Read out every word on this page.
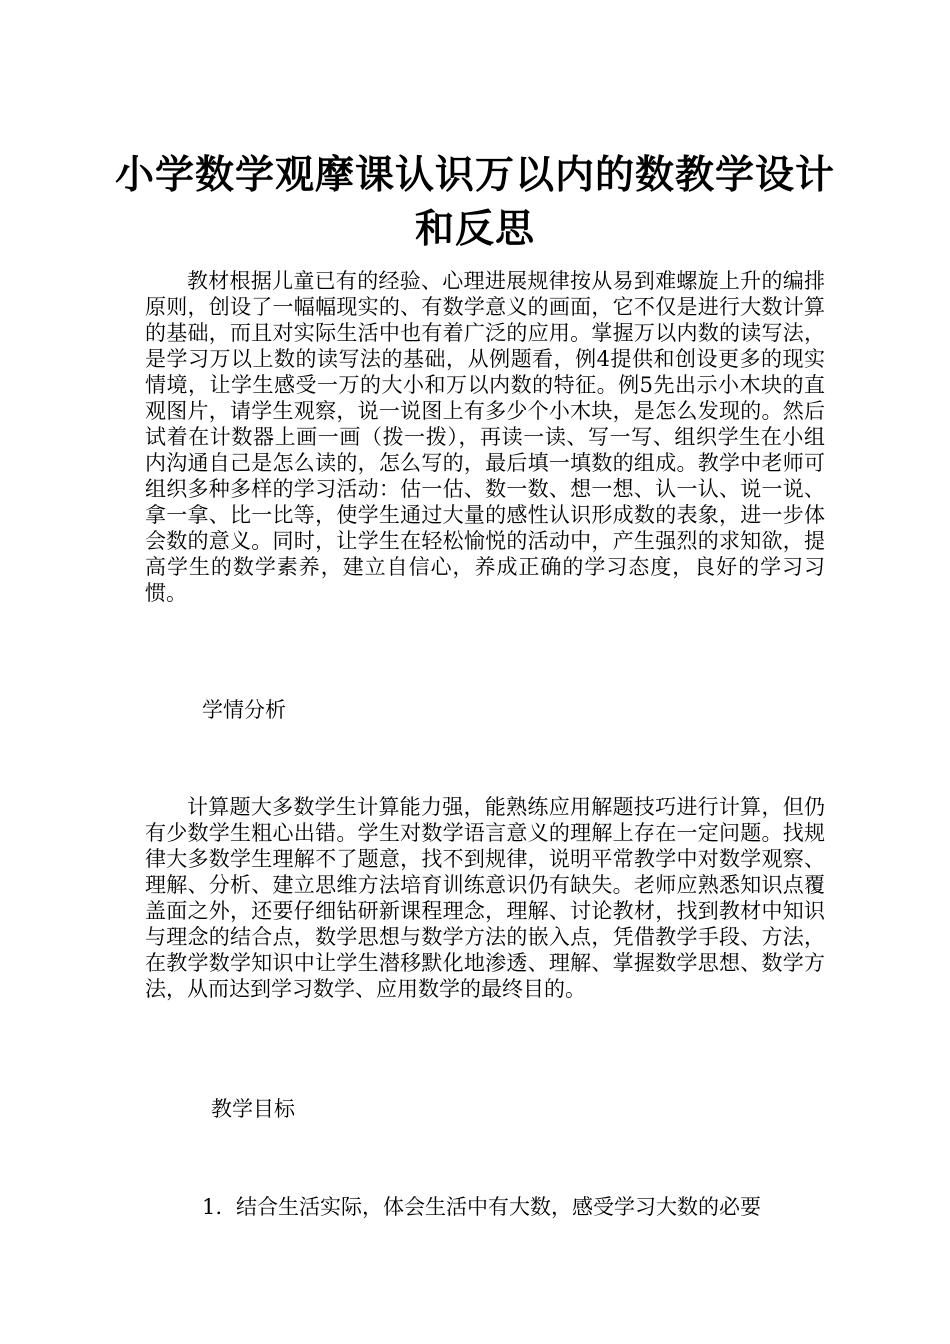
小学数学观摩课认识万以内的数教学设计和反思

教材根据儿童已有的经验、心理进展规律按从易到难螺旋上升的编排原则，创设了一幅幅现实的、有数学意义的画面，它不仅是进行大数计算的基础，而且对实际生活中也有着广泛的应用。掌握万以内数的读写法，是学习万以上数的读写法的基础，从例题看，例4提供和创设更多的现实情境，让学生感受一万的大小和万以内数的特征。例5先出示小木块的直观图片，请学生观察，说一说图上有多少个小木块，是怎么发现的。然后试着在计数器上画一画（拨一拨），再读一读、写一写、组织学生在小组内沟通自己是怎么读的，怎么写的，最后填一填数的组成。教学中老师可组织多种多样的学习活动：估一估、数一数、想一想、认一认、说一说、拿一拿、比一比等，使学生通过大量的感性认识形成数的表象，进一步体会数的意义。同时，让学生在轻松愉悦的活动中，产生强烈的求知欲，提高学生的数学素养，建立自信心，养成正确的学习态度，良好的学习习惯。

学情分析

计算题大多数学生计算能力强，能熟练应用解题技巧进行计算，但仍有少数学生粗心出错。学生对数学语言意义的理解上存在一定问题。找规律大多数学生理解不了题意，找不到规律，说明平常教学中对数学观察、理解、分析、建立思维方法培育训练意识仍有缺失。老师应熟悉知识点覆盖面之外，还要仔细钻研新课程理念，理解、讨论教材，找到教材中知识与理念的结合点，数学思想与数学方法的嵌入点，凭借教学手段、方法，在教学数学知识中让学生潜移默化地渗透、理解、掌握数学思想、数学方法，从而达到学习数学、应用数学的最终目的。

教学目标

1. 结合生活实际，体会生活中有大数，感受学习大数的必要
